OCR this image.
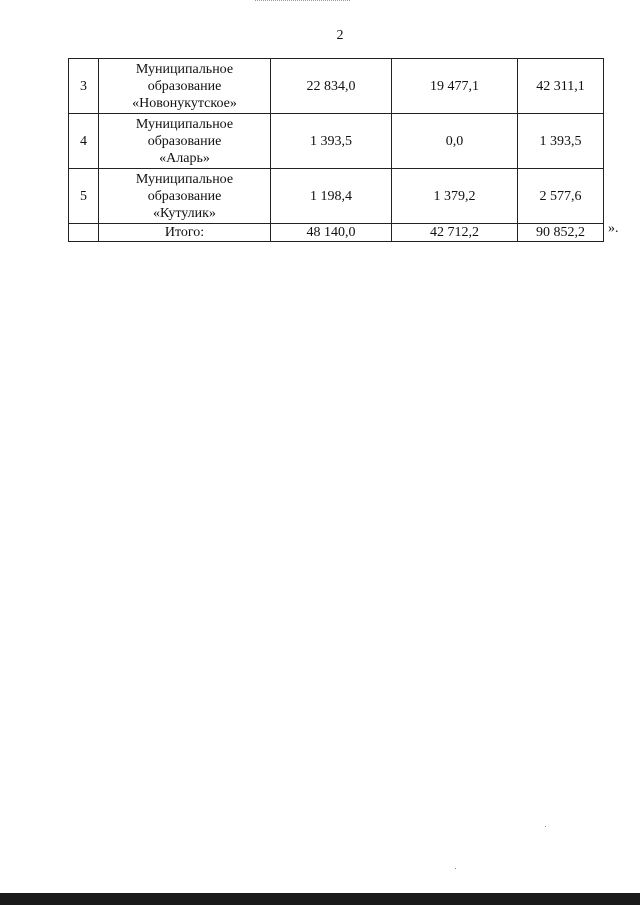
2
3	Муниципальное
образование
«Новонукутское»	22 834,0	19 477,1	42 311,1
4	Муниципальное
образование
«Аларь»	1 393,5	0,0	1 393,5
5	Муниципальное
образование
«Кутулик»	1 198,4	1 379,2	2 577,6
	Итого:	48 140,0	42 712,2	90 852,2 ».
